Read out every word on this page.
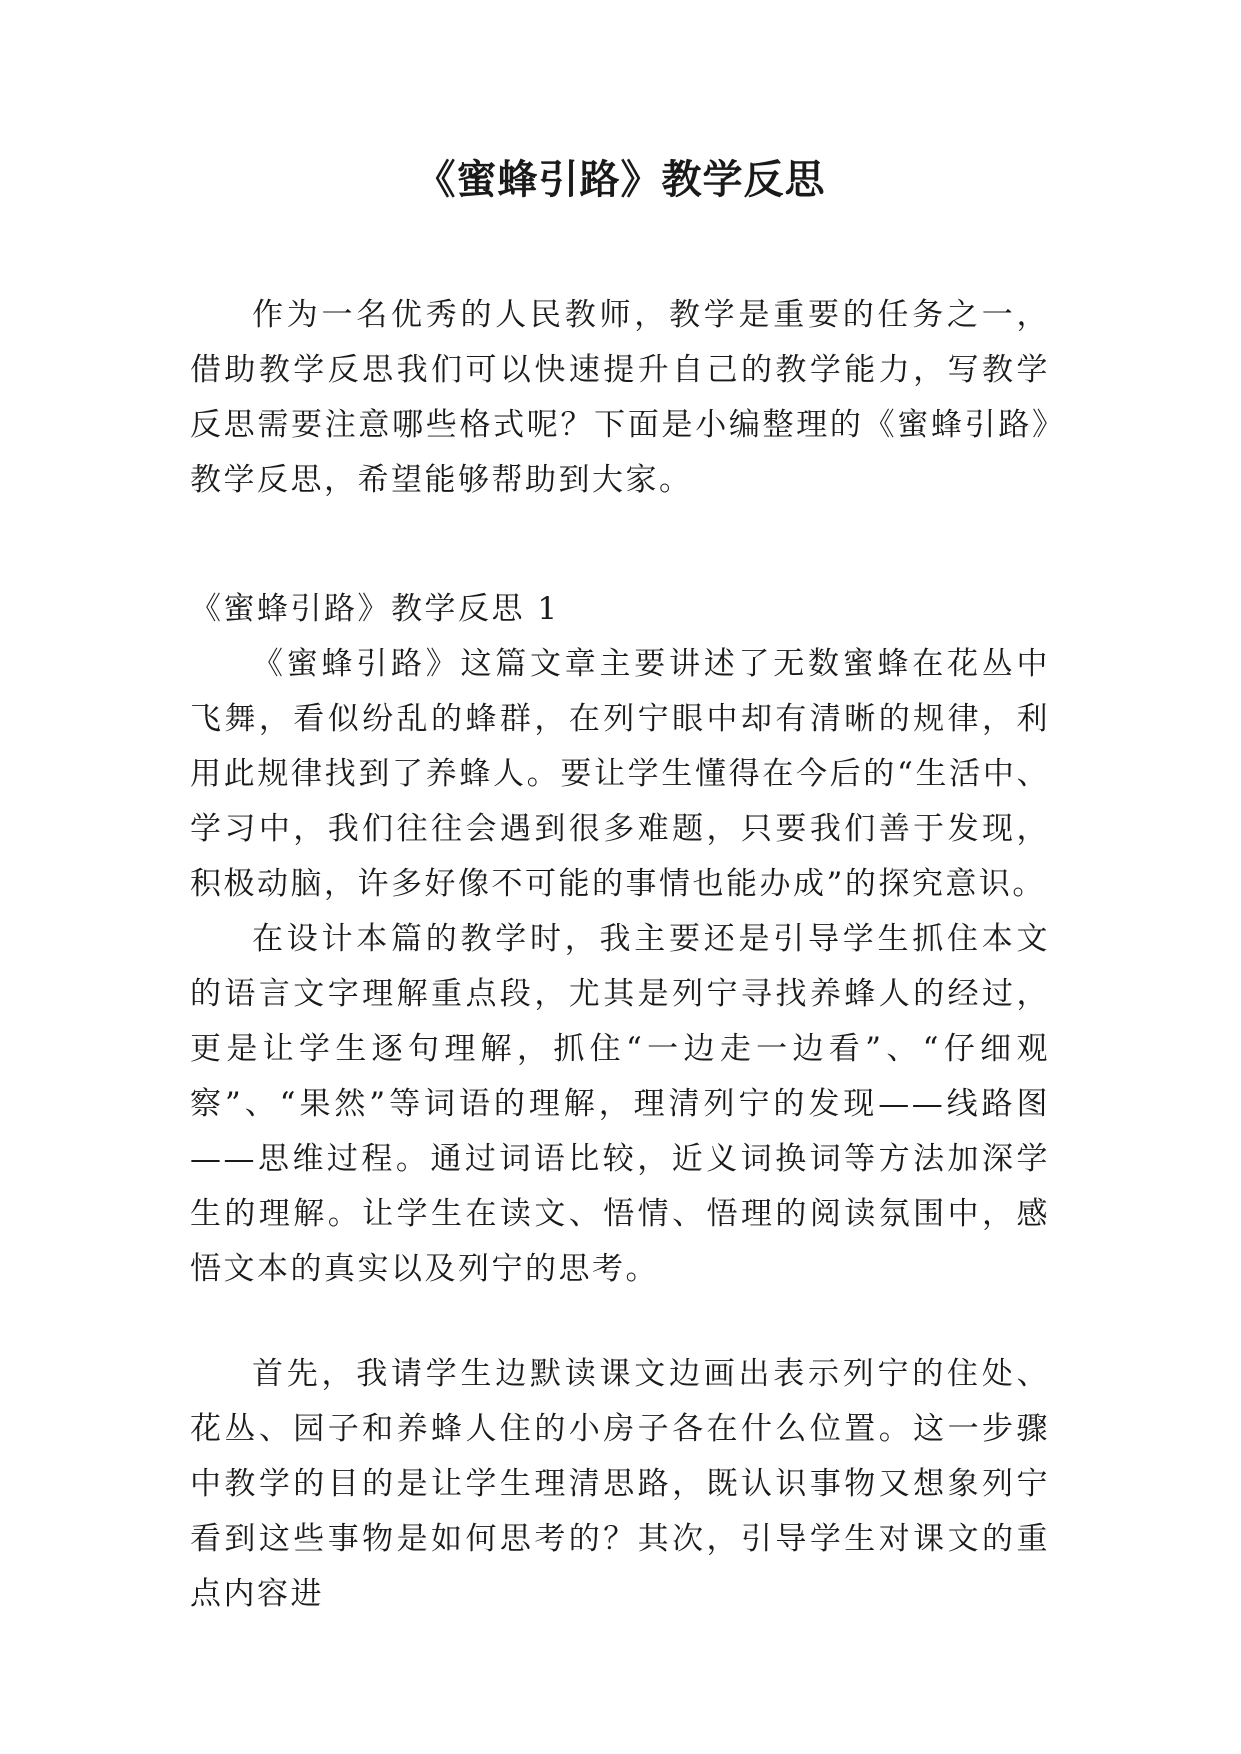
《蜜蜂引路》教学反思

作为一名优秀的人民教师，教学是重要的任务之一，借助教学反思我们可以快速提升自己的教学能力，写教学反思需要注意哪些格式呢？下面是小编整理的《蜜蜂引路》教学反思，希望能够帮助到大家。

《蜜蜂引路》教学反思 1

《蜜蜂引路》这篇文章主要讲述了无数蜜蜂在花丛中飞舞，看似纷乱的蜂群，在列宁眼中却有清晰的规律，利用此规律找到了养蜂人。要让学生懂得在今后的“生活中、学习中，我们往往会遇到很多难题，只要我们善于发现，积极动脑，许多好像不可能的事情也能办成”的探究意识。

在设计本篇的教学时，我主要还是引导学生抓住本文的语言文字理解重点段，尤其是列宁寻找养蜂人的经过，更是让学生逐句理解，抓住“一边走一边看”、“仔细观察”、“果然”等词语的理解，理清列宁的发现——线路图——思维过程。通过词语比较，近义词换词等方法加深学生的理解。让学生在读文、悟情、悟理的阅读氛围中，感悟文本的真实以及列宁的思考。

首先，我请学生边默读课文边画出表示列宁的住处、花丛、园子和养蜂人住的小房子各在什么位置。这一步骤中教学的目的是让学生理清思路，既认识事物又想象列宁看到这些事物是如何思考的？其次，引导学生对课文的重点内容进
